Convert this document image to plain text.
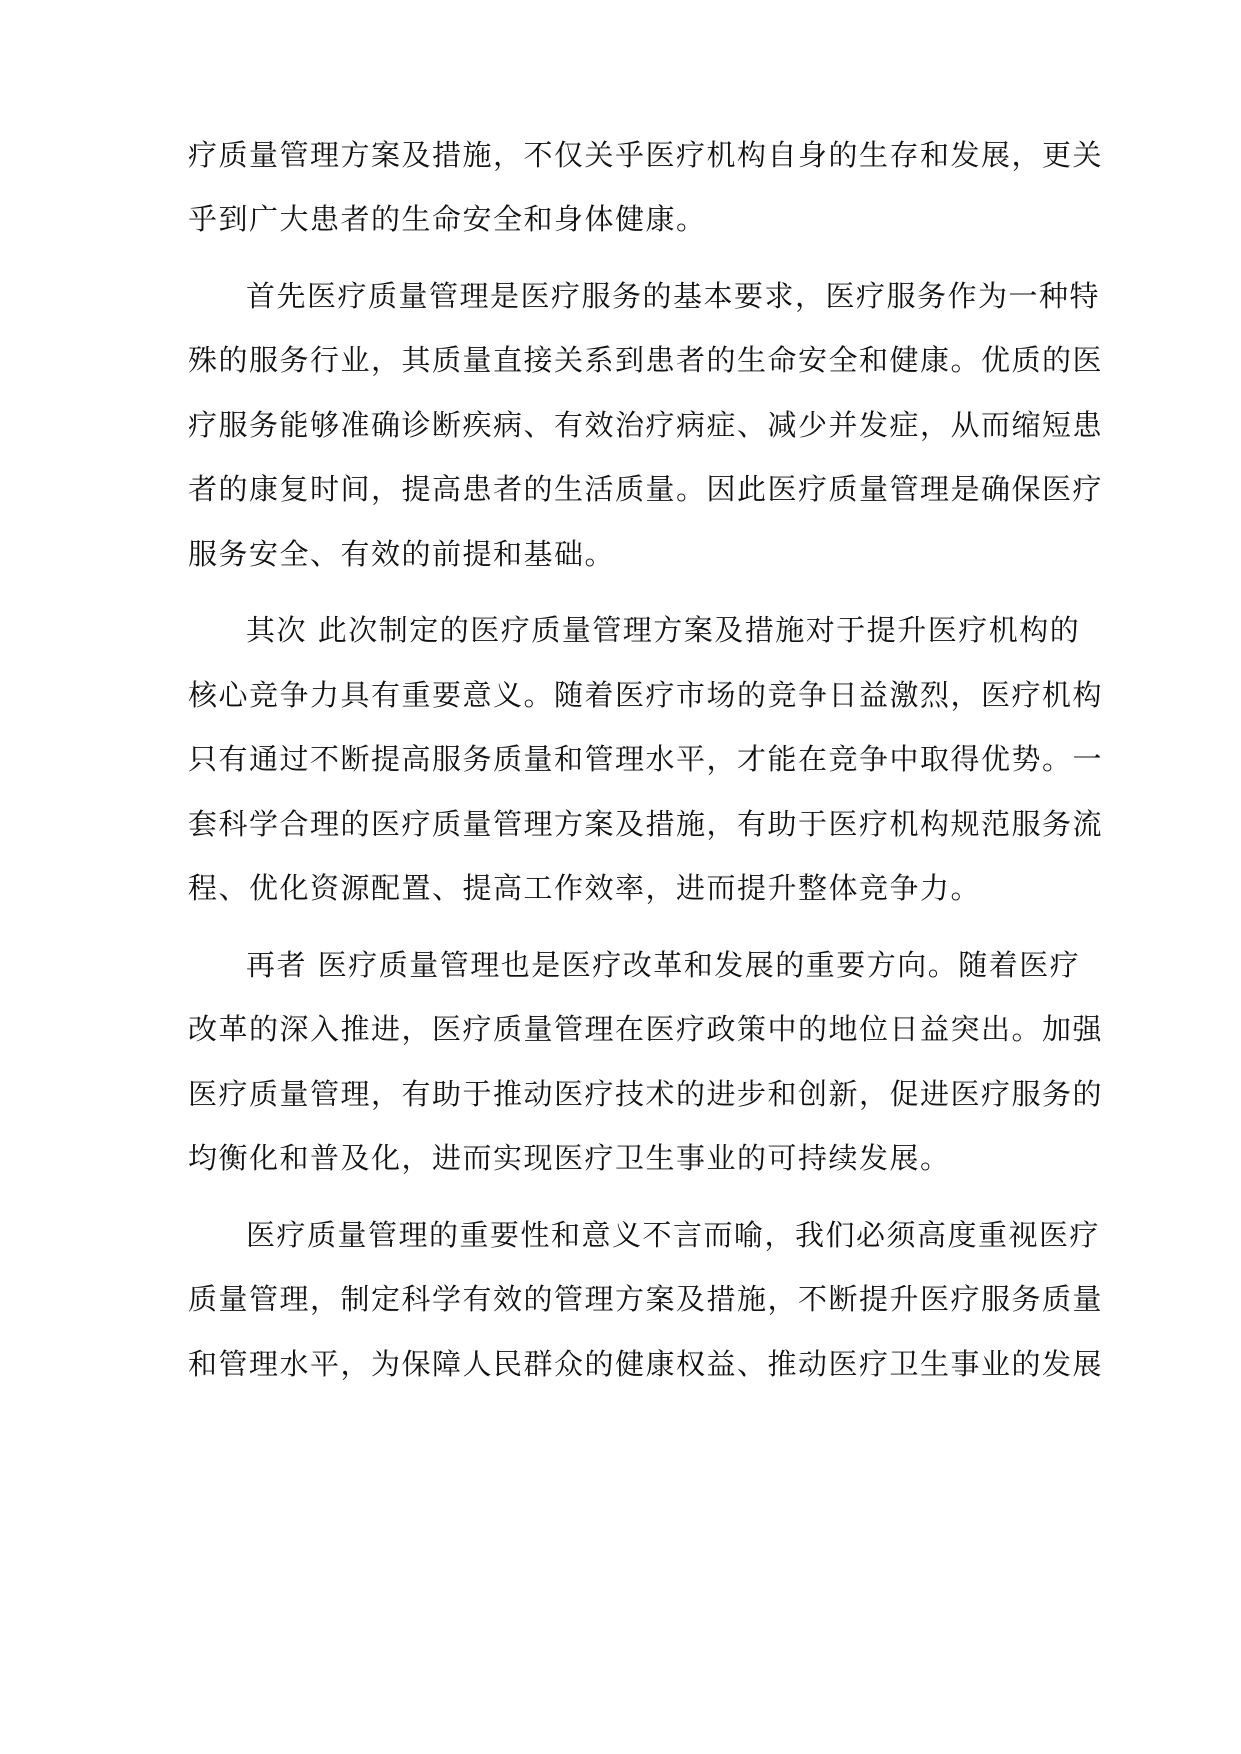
疗质量管理方案及措施，不仅关乎医疗机构自身的生存和发展，更关
乎到广大患者的生命安全和身体健康。
首先医疗质量管理是医疗服务的基本要求，医疗服务作为一种特
殊的服务行业，其质量直接关系到患者的生命安全和健康。优质的医
疗服务能够准确诊断疾病、有效治疗病症、减少并发症，从而缩短患
者的康复时间，提高患者的生活质量。因此医疗质量管理是确保医疗
服务安全、有效的前提和基础。
其次 此次制定的医疗质量管理方案及措施对于提升医疗机构的
核心竞争力具有重要意义。随着医疗市场的竞争日益激烈，医疗机构
只有通过不断提高服务质量和管理水平，才能在竞争中取得优势。一
套科学合理的医疗质量管理方案及措施，有助于医疗机构规范服务流
程、优化资源配置、提高工作效率，进而提升整体竞争力。
再者 医疗质量管理也是医疗改革和发展的重要方向。随着医疗
改革的深入推进，医疗质量管理在医疗政策中的地位日益突出。加强
医疗质量管理，有助于推动医疗技术的进步和创新，促进医疗服务的
均衡化和普及化，进而实现医疗卫生事业的可持续发展。
医疗质量管理的重要性和意义不言而喻，我们必须高度重视医疗
质量管理，制定科学有效的管理方案及措施，不断提升医疗服务质量
和管理水平，为保障人民群众的健康权益、推动医疗卫生事业的发展
